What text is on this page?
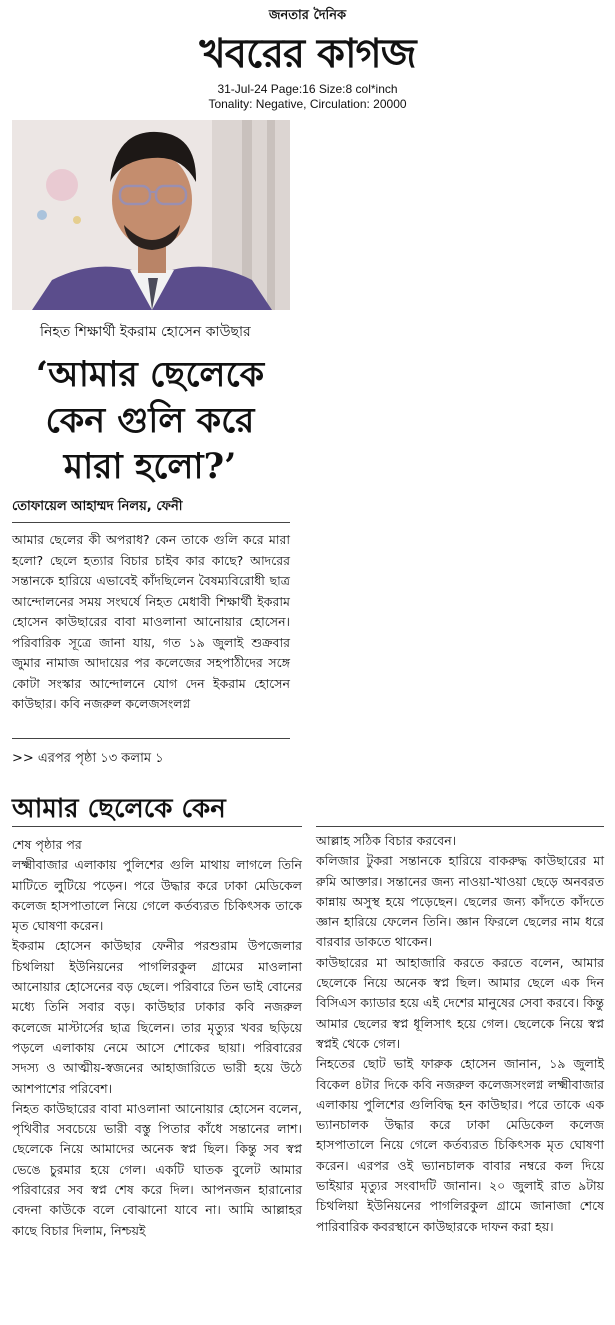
জনতার দৈনিক
খবরের কাগজ
31-Jul-24 Page:16 Size:8 col*inch
Tonality: Negative, Circulation: 20000
নিহত শিক্ষার্থী ইকরাম হোসেন কাউছার
‘আমার ছেলেকে
কেন গুলি করে
মারা হলো?’
তোফায়েল আহাম্মদ নিলয়, ফেনী
আমার ছেলের কী অপরাধ? কেন তাকে গুলি করে মারা হলো? ছেলে হত্যার বিচার চাইব কার কাছে? আদরের সন্তানকে হারিয়ে এভাবেই কাঁদছিলেন বৈষম্যবিরোধী ছাত্র আন্দোলনের সময় সংঘর্ষে নিহত মেধাবী শিক্ষার্থী ইকরাম হোসেন কাউছারের বাবা মাওলানা আনোয়ার হোসেন। পরিবারিক সূত্রে জানা যায়, গত ১৯ জুলাই শুক্রবার জুমার নামাজ আদায়ের পর কলেজের সহপাঠীদের সঙ্গে কোটা সংস্কার আন্দোলনে যোগ দেন ইকরাম হোসেন কাউছার। কবি নজরুল কলেজসংলগ্ন
>> এরপর পৃষ্ঠা ১৩ কলাম ১
আমার ছেলেকে কেন

শেষ পৃষ্ঠার পর

লক্ষ্মীবাজার এলাকায় পুলিশের গুলি মাথায় লাগলে তিনি মাটিতে লুটিয়ে পড়েন। পরে উদ্ধার করে ঢাকা মেডিকেল কলেজ হাসপাতালে নিয়ে গেলে কর্তব্যরত চিকিৎসক তাকে মৃত ঘোষণা করেন।

ইকরাম হোসেন কাউছার ফেনীর পরশুরাম উপজেলার চিথলিয়া ইউনিয়নের পাগলিরকুল গ্রামের মাওলানা আনোয়ার হোসেনের বড় ছেলে। পরিবারে তিন ভাই বোনের মধ্যে তিনি সবার বড়। কাউছার ঢাকার কবি নজরুল কলেজে মাস্টার্সের ছাত্র ছিলেন। তার মৃত্যুর খবর ছড়িয়ে পড়লে এলাকায় নেমে আসে শোকের ছায়া। পরিবারের সদস্য ও আত্মীয়-স্বজনের আহাজারিতে ভারী হয়ে উঠে আশপাশের পরিবেশ।

নিহত কাউছারের বাবা মাওলানা আনোয়ার হোসেন বলেন, পৃথিবীর সবচেয়ে ভারী বস্তু পিতার কাঁধে সন্তানের লাশ। ছেলেকে নিয়ে আমাদের অনেক স্বপ্ন ছিল। কিন্তু সব স্বপ্ন ভেঙে চুরমার হয়ে গেল। একটি ঘাতক বুলেট আমার পরিবারের সব স্বপ্ন শেষ করে দিল। আপনজন হারানোর বেদনা কাউকে বলে বোঝানো যাবে না। আমি আল্লাহর কাছে বিচার দিলাম, নিশ্চয়ই

আল্লাহ সঠিক বিচার করবেন।

কলিজার টুকরা সন্তানকে হারিয়ে বাকরুদ্ধ কাউছারের মা রুমি আক্তার। সন্তানের জন্য নাওয়া-খাওয়া ছেড়ে অনবরত কান্নায় অসুস্থ হয়ে পড়েছেন। ছেলের জন্য কাঁদতে কাঁদতে জ্ঞান হারিয়ে ফেলেন তিনি। জ্ঞান ফিরলে ছেলের নাম ধরে বারবার ডাকতে থাকেন।

কাউছারের মা আহাজারি করতে করতে বলেন, আমার ছেলেকে নিয়ে অনেক স্বপ্ন ছিল। আমার ছেলে এক দিন বিসিএস ক্যাডার হয়ে এই দেশের মানুষের সেবা করবে। কিন্তু আমার ছেলের স্বপ্ন ধূলিসাৎ হয়ে গেল। ছেলেকে নিয়ে স্বপ্ন স্বপ্নই থেকে গেল।

নিহতের ছোট ভাই ফারুক হোসেন জানান, ১৯ জুলাই বিকেল ৪টার দিকে কবি নজরুল কলেজসংলগ্ন লক্ষ্মীবাজার এলাকায় পুলিশের গুলিবিদ্ধ হন কাউছার। পরে তাকে এক ভ্যানচালক উদ্ধার করে ঢাকা মেডিকেল কলেজ হাসপাতালে নিয়ে গেলে কর্তব্যরত চিকিৎসক মৃত ঘোষণা করেন। এরপর ওই ভ্যানচালক বাবার নম্বরে কল দিয়ে ভাইয়ার মৃত্যুর সংবাদটি জানান। ২০ জুলাই রাত ৯টায় চিথলিয়া ইউনিয়নের পাগলিরকুল গ্রামে জানাজা শেষে পারিবারিক কবরস্থানে কাউছারকে দাফন করা হয়।
